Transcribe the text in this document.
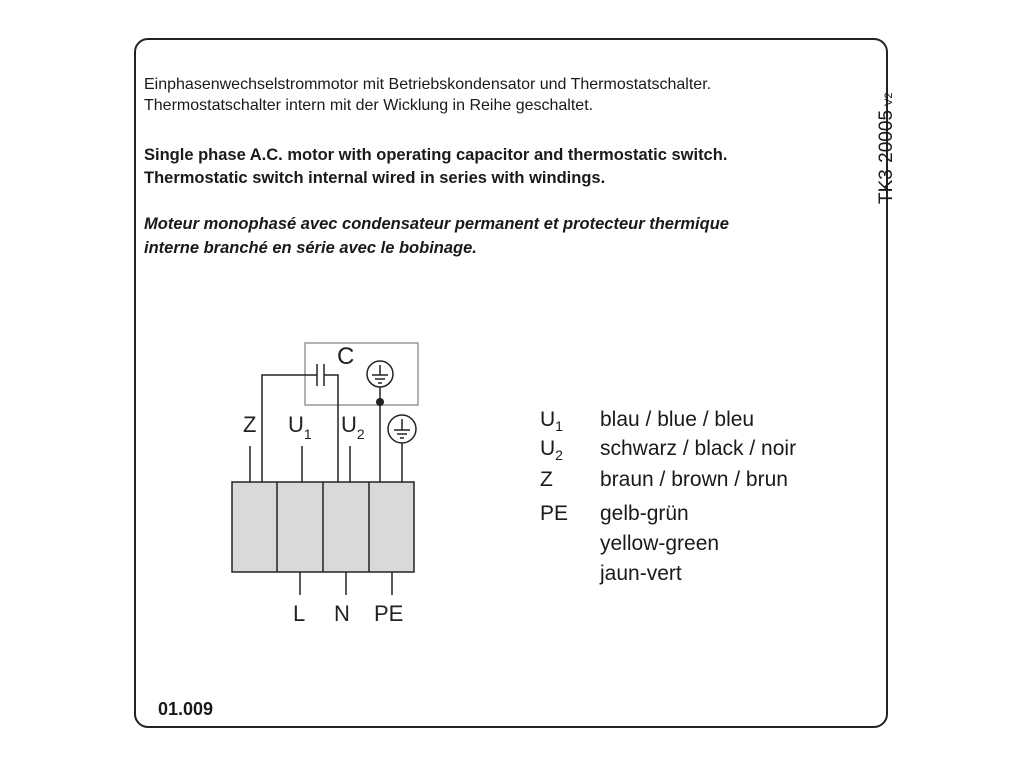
Einphasenwechselstrommotor mit Betriebskondensator und Thermostatschalter.
Thermostatschalter intern mit der Wicklung in Reihe geschaltet.
Single phase A.C. motor with operating capacitor and thermostatic switch.
Thermostatic switch internal wired in series with windings.
Moteur monophasé avec condensateur permanent et protecteur thermique
interne branché en série avec le bobinage.
TK3-20005V2
C
Z $U_1$ $U_2$
L N PE
$U_1$ blau / blue / bleu
$U_2$ schwarz / black / noir
Z braun / brown / brun
PE gelb-grün
yellow-green
jaun-vert
01.009
